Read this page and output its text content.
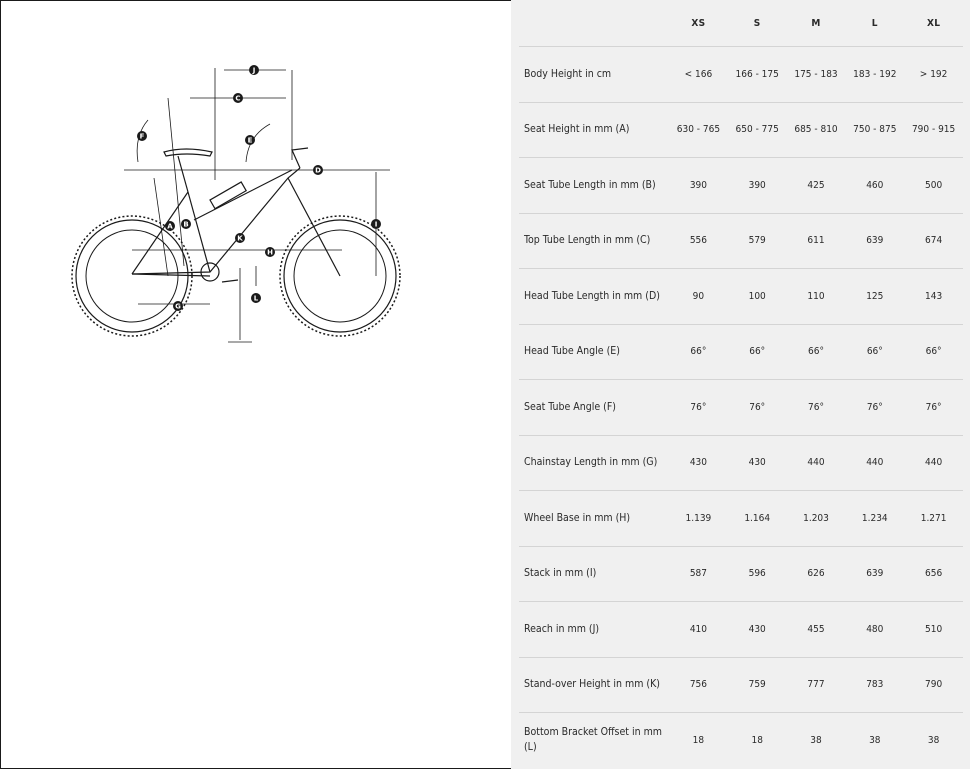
J
C
F	E
D
A B
K
H
I
G
L
	XS	S	M	L	XL
Body Height in cm	< 166	166 - 175	175 - 183	183 - 192	> 192
Seat Height in mm (A)	630 - 765	650 - 775	685 - 810	750 - 875	790 - 915
Seat Tube Length in mm (B)	390	390	425	460	500
Top Tube Length in mm (C)	556	579	611	639	674
Head Tube Length in mm (D)	90	100	110	125	143
Head Tube Angle (E)	66°	66°	66°	66°	66°
Seat Tube Angle (F)	76°	76°	76°	76°	76°
Chainstay Length in mm (G)	430	430	440	440	440
Wheel Base in mm (H)	1.139	1.164	1.203	1.234	1.271
Stack in mm (I)	587	596	626	639	656
Reach in mm (J)	410	430	455	480	510
Stand-over Height in mm (K)	756	759	777	783	790
Bottom Bracket Offset in mm (L)	18	18	38	38	38
